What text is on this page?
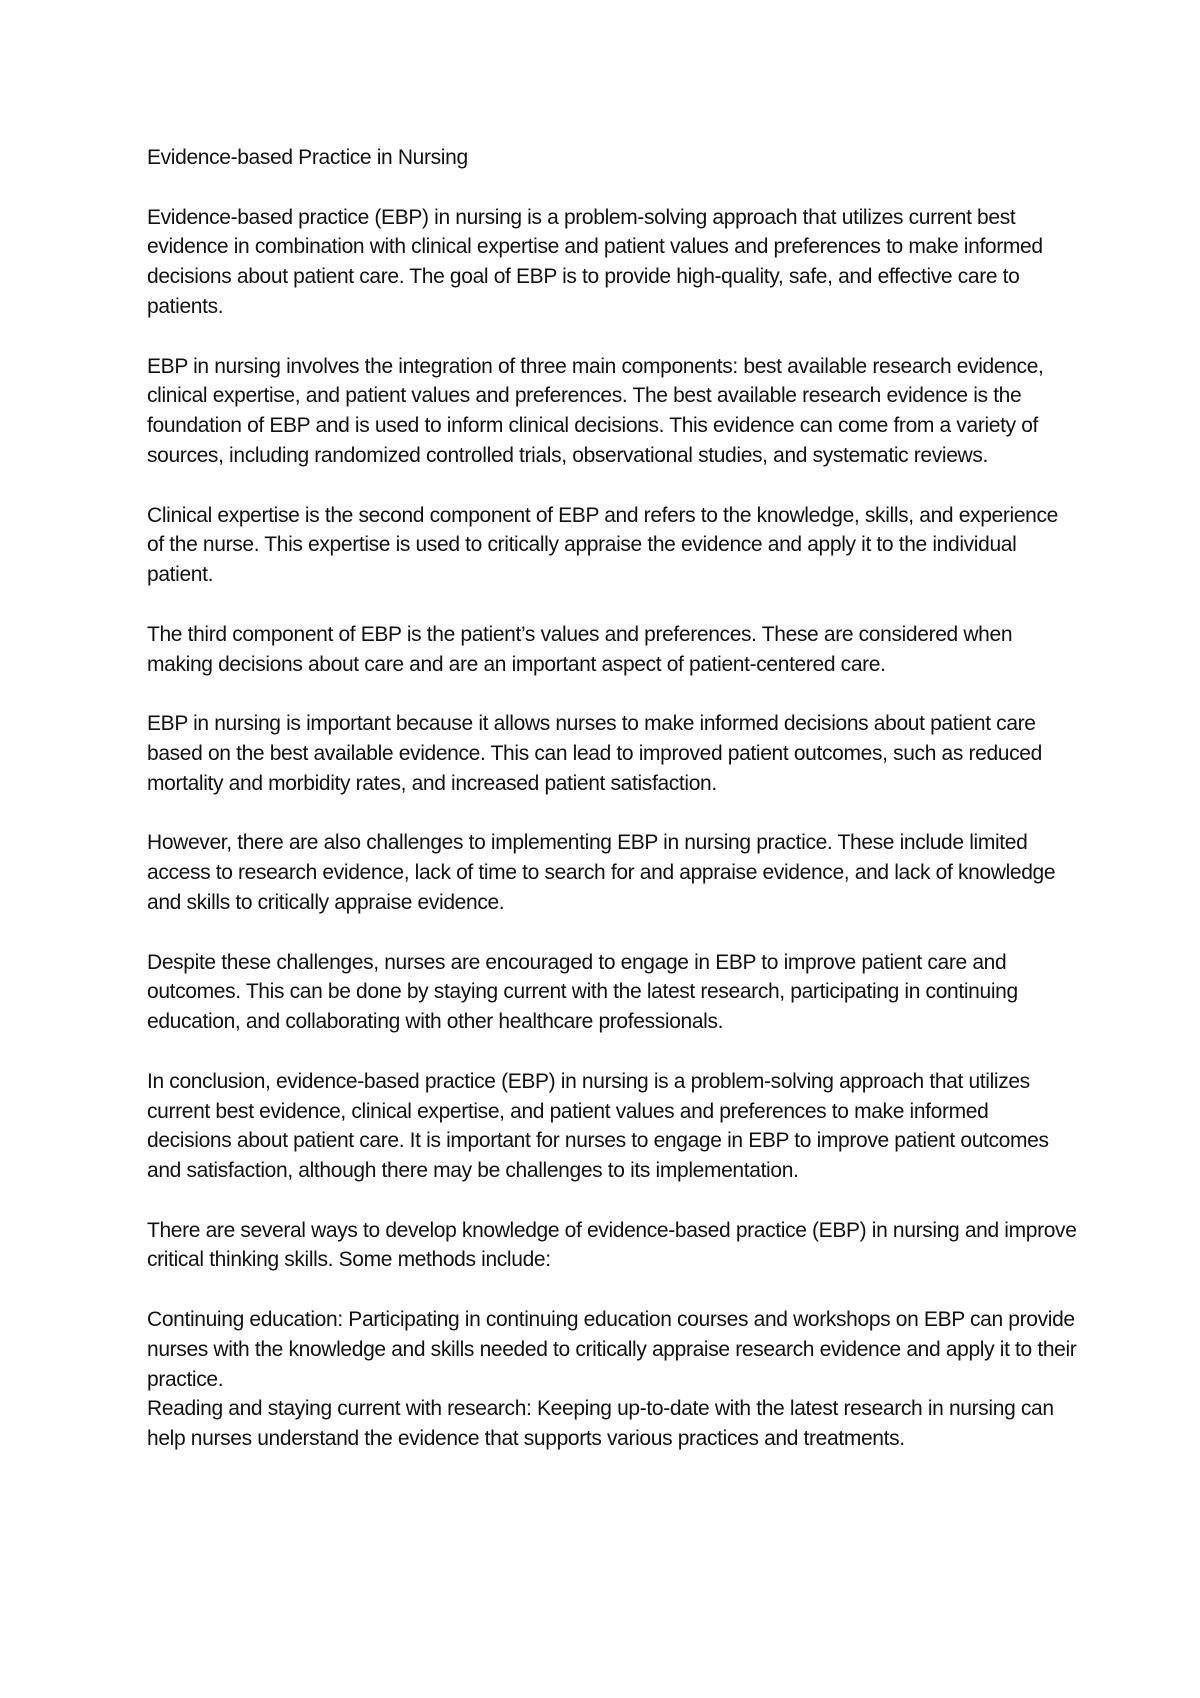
Evidence-based Practice in Nursing

Evidence-based practice (EBP) in nursing is a problem-solving approach that utilizes current best evidence in combination with clinical expertise and patient values and preferences to make informed decisions about patient care. The goal of EBP is to provide high-quality, safe, and effective care to patients.

EBP in nursing involves the integration of three main components: best available research evidence, clinical expertise, and patient values and preferences. The best available research evidence is the foundation of EBP and is used to inform clinical decisions. This evidence can come from a variety of sources, including randomized controlled trials, observational studies, and systematic reviews.

Clinical expertise is the second component of EBP and refers to the knowledge, skills, and experience of the nurse. This expertise is used to critically appraise the evidence and apply it to the individual patient.

The third component of EBP is the patient’s values and preferences. These are considered when making decisions about care and are an important aspect of patient-centered care.

EBP in nursing is important because it allows nurses to make informed decisions about patient care based on the best available evidence. This can lead to improved patient outcomes, such as reduced mortality and morbidity rates, and increased patient satisfaction.

However, there are also challenges to implementing EBP in nursing practice. These include limited access to research evidence, lack of time to search for and appraise evidence, and lack of knowledge and skills to critically appraise evidence.

Despite these challenges, nurses are encouraged to engage in EBP to improve patient care and outcomes. This can be done by staying current with the latest research, participating in continuing education, and collaborating with other healthcare professionals.

In conclusion, evidence-based practice (EBP) in nursing is a problem-solving approach that utilizes current best evidence, clinical expertise, and patient values and preferences to make informed decisions about patient care. It is important for nurses to engage in EBP to improve patient outcomes and satisfaction, although there may be challenges to its implementation.

There are several ways to develop knowledge of evidence-based practice (EBP) in nursing and improve critical thinking skills. Some methods include:

Continuing education: Participating in continuing education courses and workshops on EBP can provide nurses with the knowledge and skills needed to critically appraise research evidence and apply it to their practice.

Reading and staying current with research: Keeping up-to-date with the latest research in nursing can help nurses understand the evidence that supports various practices and treatments.
